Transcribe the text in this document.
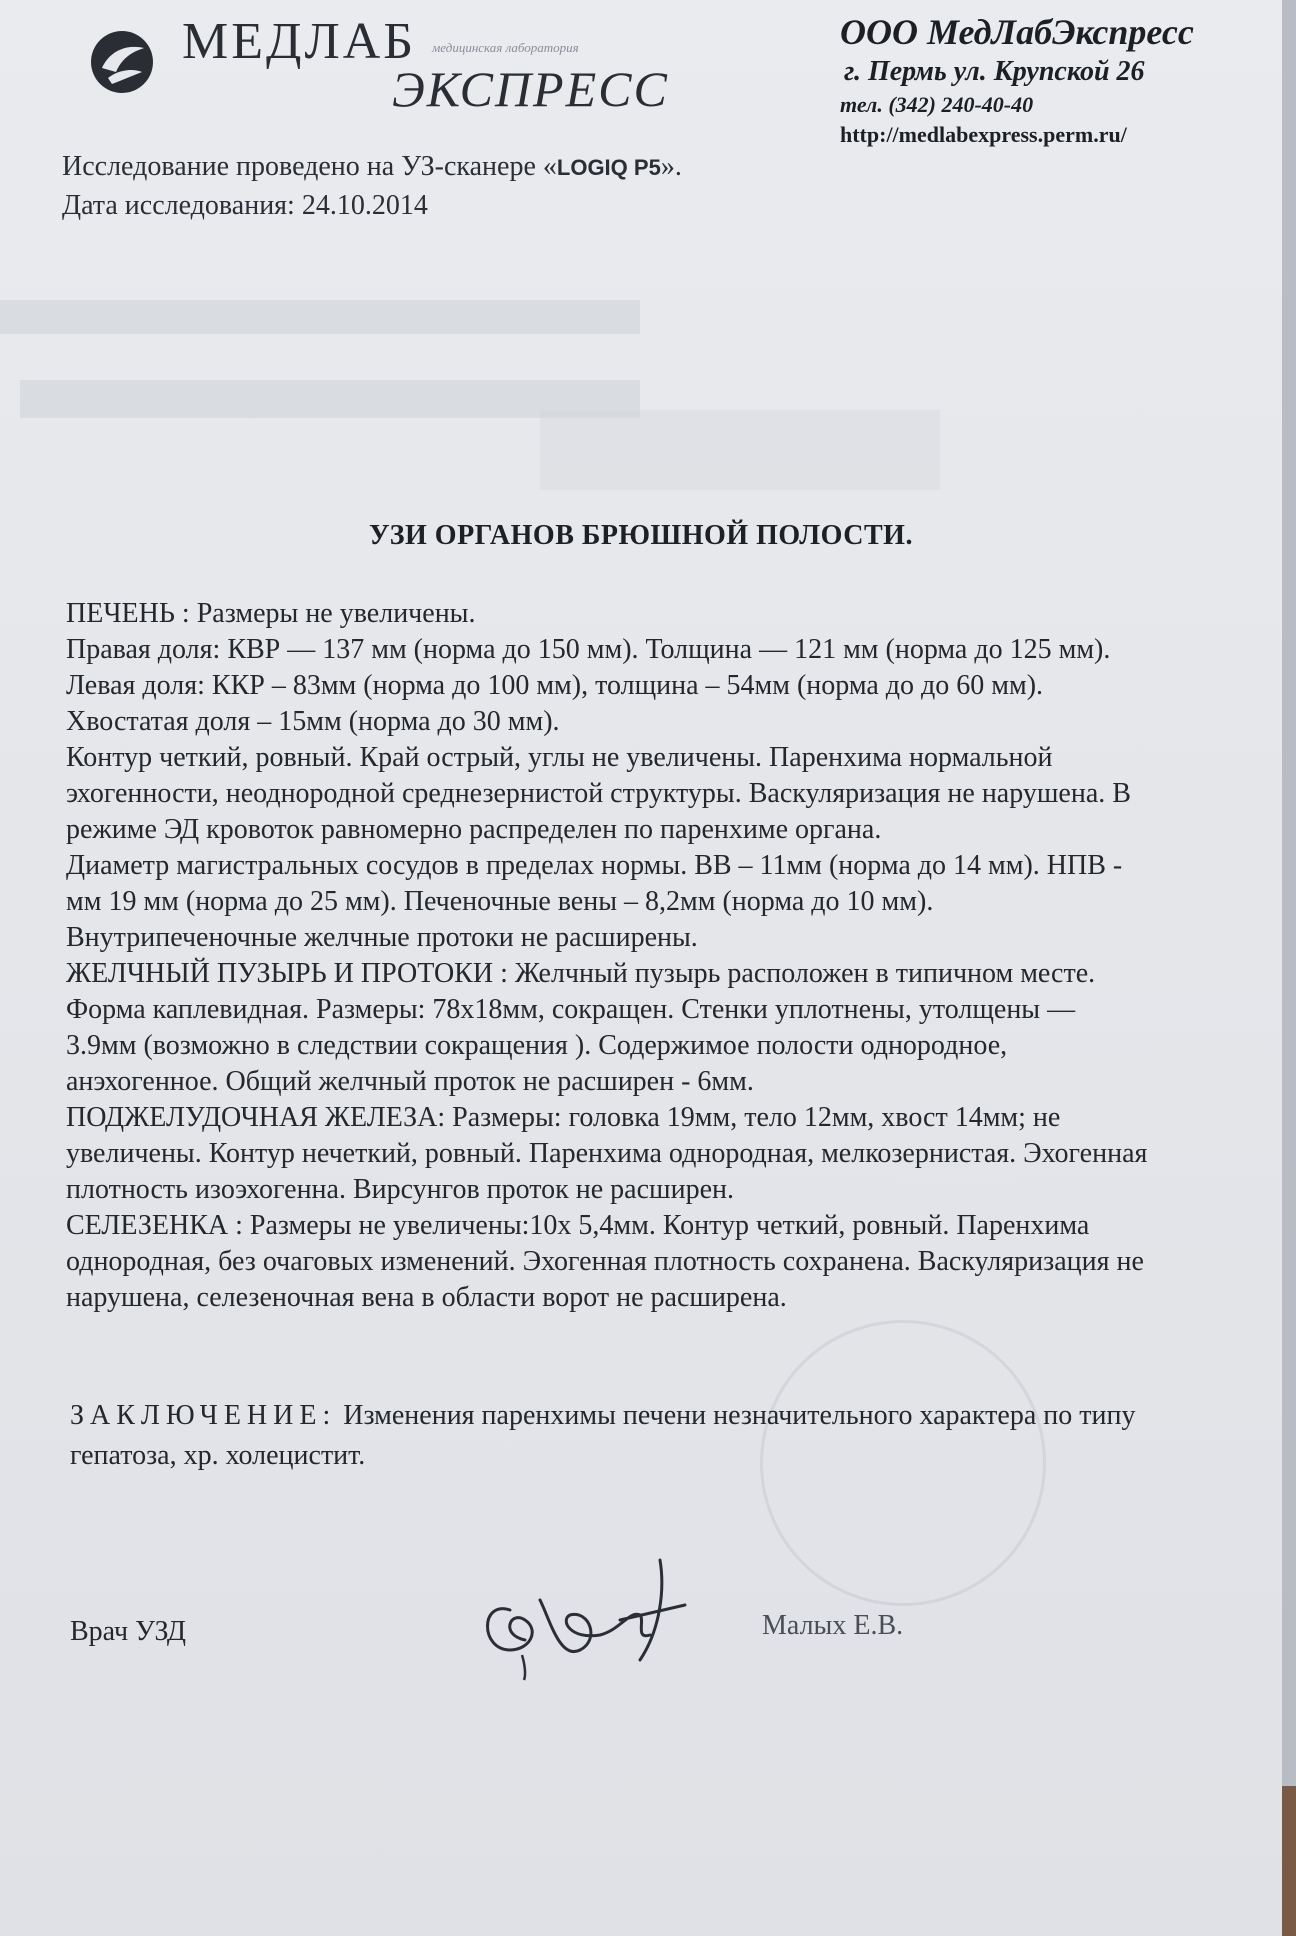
МЕДЛАБ медицинская лаборатория
ЭКСПРЕСС
ООО МедЛабЭкспресс
г. Пермь ул. Крупской 26
тел. (342) 240-40-40
http://medlabexpress.perm.ru/
Исследование проведено на УЗ-сканере «LOGIQ P5».
Дата исследования: 24.10.2014
УЗИ ОРГАНОВ БРЮШНОЙ ПОЛОСТИ.

ПЕЧЕНЬ : Размеры не увеличены.

Правая доля: КВР — 137 мм (норма до 150 мм). Толщина — 121 мм (норма до 125 мм).

Левая доля: ККР – 83мм (норма до 100 мм), толщина – 54мм (норма до до 60 мм).

Хвостатая доля – 15мм (норма до 30 мм).

Контур четкий, ровный. Край острый, углы не увеличены. Паренхима нормальной

эхогенности, неоднородной среднезернистой структуры. Васкуляризация не нарушена. В

режиме ЭД кровоток равномерно распределен по паренхиме органа.

Диаметр магистральных сосудов в пределах нормы. ВВ – 11мм (норма до 14 мм). НПВ -

мм 19 мм (норма до 25 мм). Печеночные вены – 8,2мм (норма до 10 мм).

Внутрипеченочные желчные протоки не расширены.

ЖЕЛЧНЫЙ ПУЗЫРЬ И ПРОТОКИ : Желчный пузырь расположен в типичном месте.

Форма каплевидная. Размеры: 78х18мм, сокращен. Стенки уплотнены, утолщены —

3.9мм (возможно в следствии сокращения ). Содержимое полости однородное,

анэхогенное. Общий желчный проток не расширен - 6мм.

ПОДЖЕЛУДОЧНАЯ ЖЕЛЕЗА: Размеры: головка 19мм, тело 12мм, хвост 14мм; не

увеличены. Контур нечеткий, ровный. Паренхима однородная, мелкозернистая. Эхогенная

плотность изоэхогенна. Вирсунгов проток не расширен.

СЕЛЕЗЕНКА : Размеры не увеличены:10х 5,4мм. Контур четкий, ровный. Паренхима

однородная, без очаговых изменений. Эхогенная плотность сохранена. Васкуляризация не

нарушена, селезеночная вена в области ворот не расширена.

ЗАКЛЮЧЕНИЕ: Изменения паренхимы печени незначительного характера по типу

гепатоза, хр. холецистит.

Врач УЗД	Малых Е.В.
